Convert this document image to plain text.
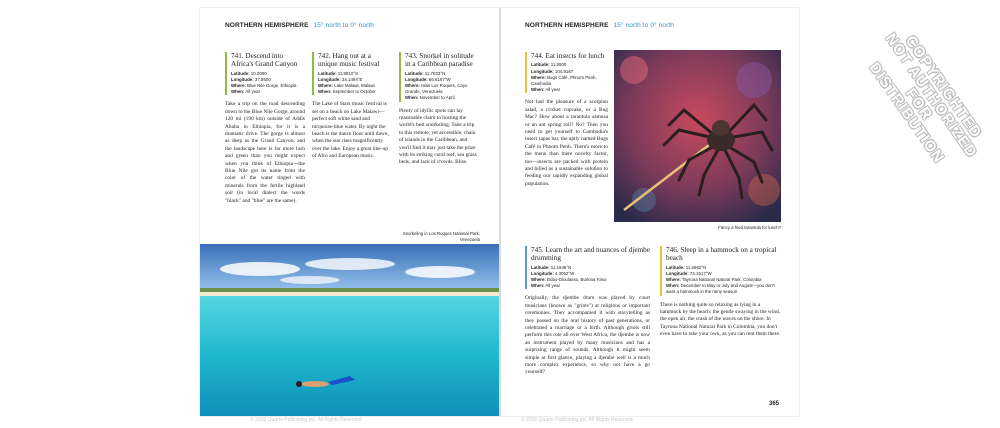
NORTHERN HEMISPHERE 15° north to 0° north
741. Descend into Africa's Grand Canyon
Latitude: 10.0000
Longitude: 37.8500
Where: Blue Nile Gorge, Ethiopia
When: All year
Take a trip on the road descending down to the Blue Nile Gorge, around 120 mi (190 km) outside of Addis Ababa in Ethiopia, for it is a dramatic drive. The gorge is almost as deep as the Grand Canyon, and the landscape here is far more lush and green than you might expect when you think of Ethiopia—the Blue Nile got its name from the color of the water tinged with minerals from the fertile highland soil (in local dialect the words "black" and "blue" are the same).
742. Hang out at a unique music festival
Latitude: 11.8810°S
Longitude: 34.1494°E
Where: Lake Malawi, Malawi
When: September to October
The Lake of Stars music festival is set on a beach on Lake Malawi—perfect soft white sand and turquoise-blue water. By night the beach is the dance floor until dawn, when the sun rises magnificently over the lake. Enjoy a great line-up of Afro and European music.
743. Snorkel in solitude in a Caribbean paradise
Latitude: 11.7833°N
Longitude: 66.6167°W
Where: Islas Los Roques, Cayo Grande, Venezuela
When: November to April
Plenty of idyllic spots can lay reasonable claim to hosting the world's best snorkeling. Take a trip to this remote, yet accessible, chain of islands in the Caribbean, and you'll find it may just take the prize with its striking coral reef, sea grass beds, and lack of crowds. Bliss.
Snorkeling in Los Roques National Park, Venezuela
© 2016 Quarto Publishing plc. All Rights Reserved.
NORTHERN HEMISPHERE 15° north to 0° north
744. Eat insects for lunch
Latitude: 11.5500
Longitude: 104.9167
Where: Bugs Café, Phnom Penh, Cambodia
When: All year
Not had the pleasure of a scorpion salad, a cricket cupcake, or a Bug Mac? How about a tarantula samosa or an ant spring roll? No? Then you need to get yourself to Cambodia's insect tapas bar, the aptly named Bugs Café in Phnom Penh. There's more to the menu than mere novelty factor, too—insects are packed with protein and billed as a sustainable solution to feeding our rapidly expanding global population.
Fancy a fried tarantula for lunch?
745. Learn the art and nuances of djembe drumming
Latitude: 11.1649°N
Longitude: 4.3052°W
Where: Bobo-Dioulasso, Burkina Faso
When: All year
Originally, the djembe drum was played by court musicians (known as "griots") at religious or important ceremonies. They accompanied it with storytelling as they passed on the oral history of past generations, or celebrated a marriage or a birth. Although griots still perform this role all over West Africa, the djembe is now an instrument played by many musicians and has a surprising range of sounds. Although it might seem simple at first glance, playing a djembe well is a much more complex experience, so why not have a go yourself?
746. Sleep in a hammock on a tropical beach
Latitude: 11.2862°N
Longitude: 74.1517°W
Where: Tayrona National Natural Park, Colombia
When: December to May or July and August—you don't want a hammock in the rainy season
There is nothing quite so relaxing as lying in a hammock by the beach: the gentle swaying in the wind, the open air, the crash of the waves on the shore. In Tayrona National Natural Park in Colombia, you don't even have to take your own, as you can rent them there.
365
© 2016 Quarto Publishing plc. All Rights Reserved.
COPYRIGHTED NOT AUTHORIZED FOR DISTRIBUTION
